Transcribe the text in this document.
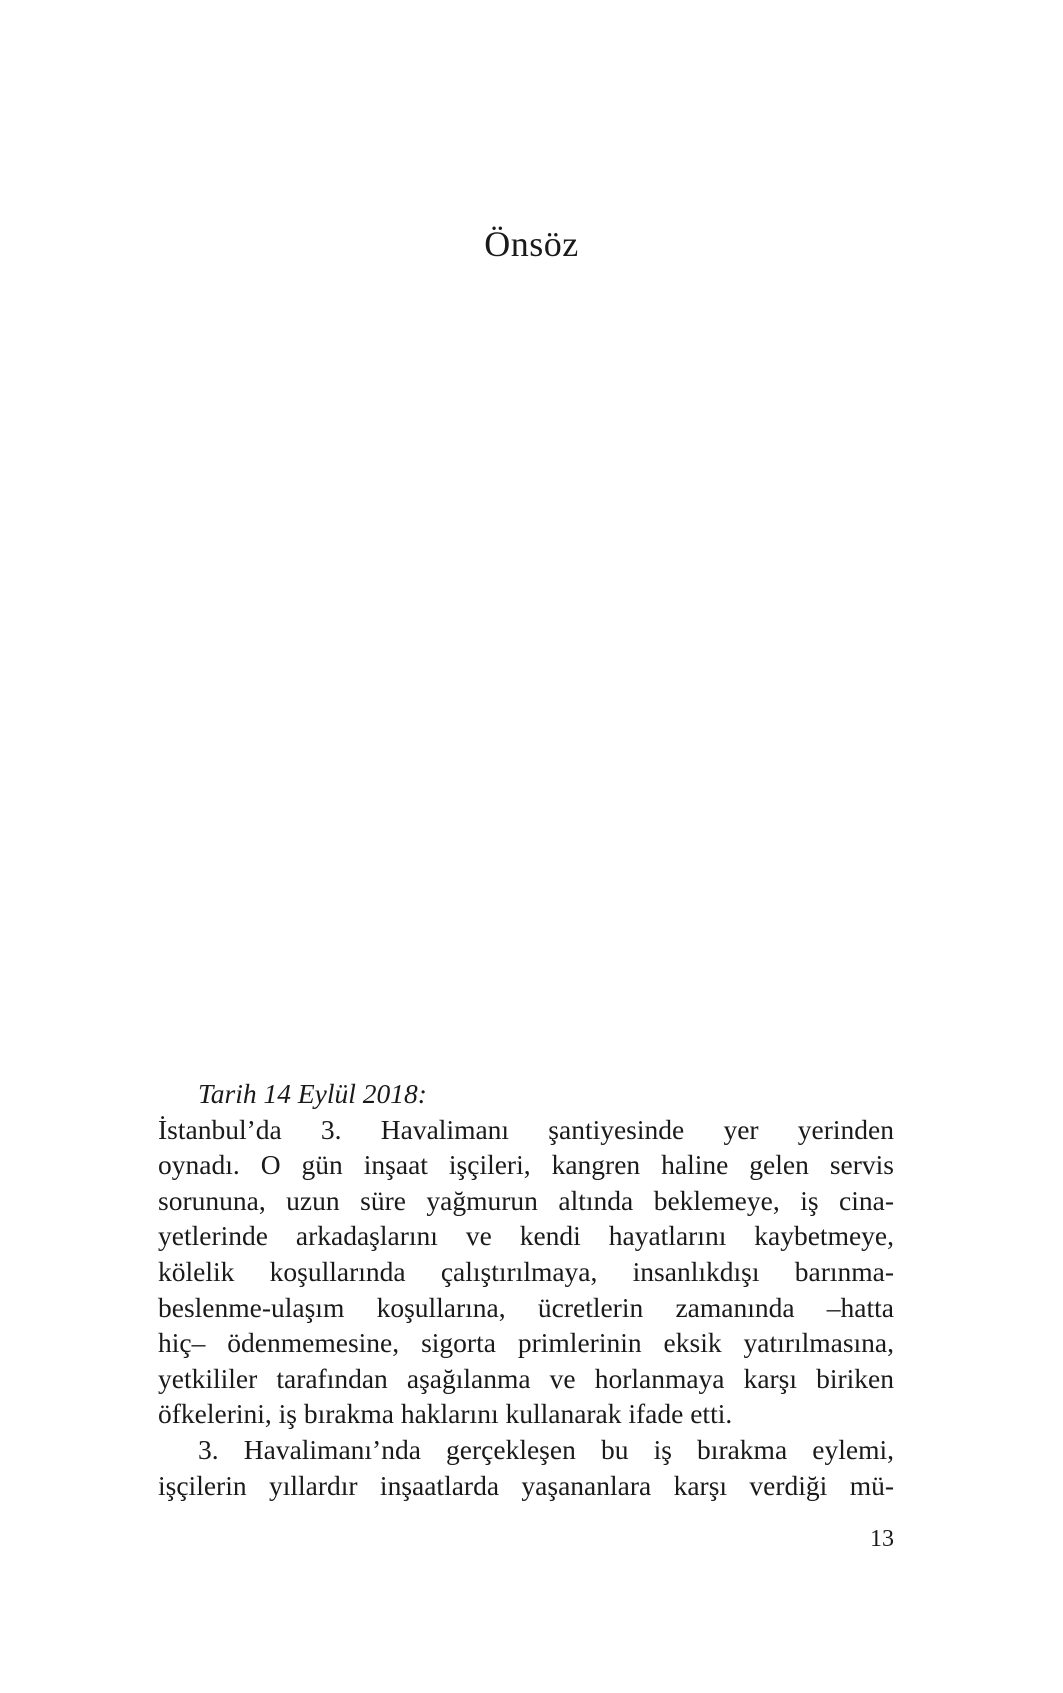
Önsöz

Tarih 14 Eylül 2018:

İstanbul’da 3. Havalimanı şantiyesinde yer yerinden
oynadı. O gün inşaat işçileri, kangren haline gelen servis
sorununa, uzun süre yağmurun altında beklemeye, iş cina-
yetlerinde arkadaşlarını ve kendi hayatlarını kaybetmeye,
kölelik koşullarında çalıştırılmaya, insanlıkdışı barınma-
beslenme-ulaşım koşullarına, ücretlerin zamanında –hatta
hiç– ödenmemesine, sigorta primlerinin eksik yatırılmasına,
yetkililer tarafından aşağılanma ve horlanmaya karşı biriken
öfkelerini, iş bırakma haklarını kullanarak ifade etti.

3. Havalimanı’nda gerçekleşen bu iş bırakma eylemi,
işçilerin yıllardır inşaatlarda yaşananlara karşı verdiği mü-

13
